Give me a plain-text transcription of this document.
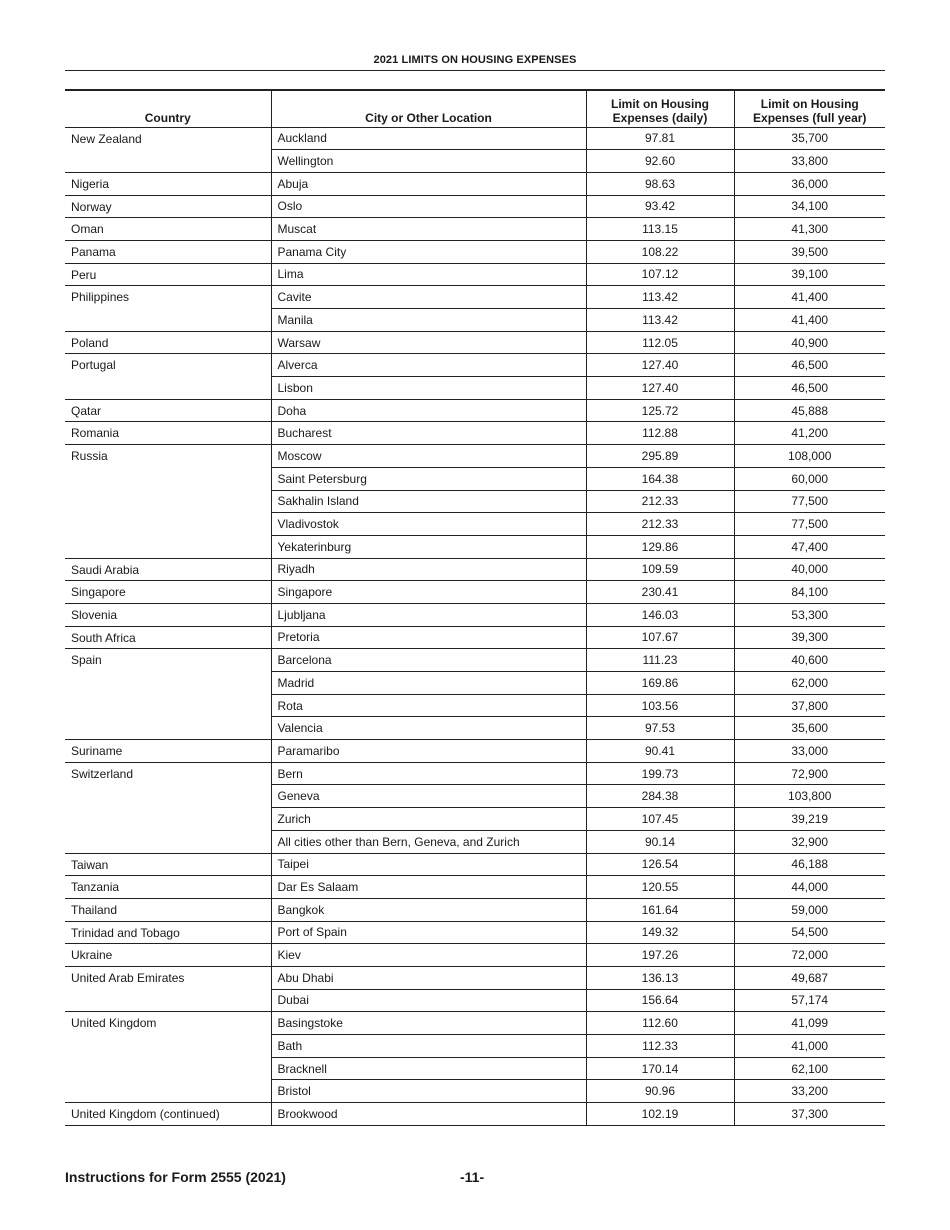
2021 LIMITS ON HOUSING EXPENSES
Country	City or Other Location	Limit on Housing Expenses (daily)	Limit on Housing Expenses (full year)
New Zealand	Auckland	97.81	35,700
	Wellington	92.60	33,800
Nigeria	Abuja	98.63	36,000
Norway	Oslo	93.42	34,100
Oman	Muscat	113.15	41,300
Panama	Panama City	108.22	39,500
Peru	Lima	107.12	39,100
Philippines	Cavite	113.42	41,400
	Manila	113.42	41,400
Poland	Warsaw	112.05	40,900
Portugal	Alverca	127.40	46,500
	Lisbon	127.40	46,500
Qatar	Doha	125.72	45,888
Romania	Bucharest	112.88	41,200
Russia	Moscow	295.89	108,000
	Saint Petersburg	164.38	60,000
	Sakhalin Island	212.33	77,500
	Vladivostok	212.33	77,500
	Yekaterinburg	129.86	47,400
Saudi Arabia	Riyadh	109.59	40,000
Singapore	Singapore	230.41	84,100
Slovenia	Ljubljana	146.03	53,300
South Africa	Pretoria	107.67	39,300
Spain	Barcelona	111.23	40,600
	Madrid	169.86	62,000
	Rota	103.56	37,800
	Valencia	97.53	35,600
Suriname	Paramaribo	90.41	33,000
Switzerland	Bern	199.73	72,900
	Geneva	284.38	103,800
	Zurich	107.45	39,219
	All cities other than Bern, Geneva, and Zurich	90.14	32,900
Taiwan	Taipei	126.54	46,188
Tanzania	Dar Es Salaam	120.55	44,000
Thailand	Bangkok	161.64	59,000
Trinidad and Tobago	Port of Spain	149.32	54,500
Ukraine	Kiev	197.26	72,000
United Arab Emirates	Abu Dhabi	136.13	49,687
	Dubai	156.64	57,174
United Kingdom	Basingstoke	112.60	41,099
	Bath	112.33	41,000
	Bracknell	170.14	62,100
	Bristol	90.96	33,200
United Kingdom (continued)	Brookwood	102.19	37,300
Instructions for Form 2555 (2021)	-11-
